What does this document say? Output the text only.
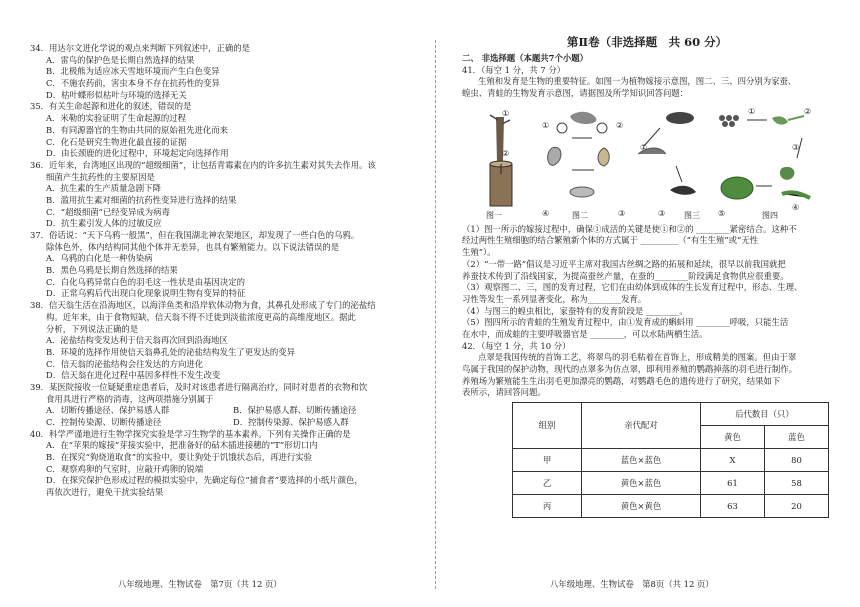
34．用达尔文进化学说的观点来判断下列叙述中，正确的是
A．雷鸟的保护色是长期自然选择的结果
B．北极熊为适应冰天雪地环境而产生白色变异
C．不施农药前，害虫本身不存在抗药性的变异
D．枯叶蝶形似枯叶与环境的选择无关
35．有关生命起源和进化的叙述，错误的是
A．米勒的实验证明了生命起源的过程
B．有同源器官的生物由共同的原始祖先进化而来
C．化石是研究生物进化最直接的证据
D．由长颈鹿的进化过程中，环境起定向选择作用
36．近年来，台湾地区出现的“超级细菌”，让包括青霉素在内的许多抗生素对其失去作用。该
细菌产生抗药性的主要原因是
A．抗生素的生产质量急剧下降
B．滥用抗生素对细菌的抗药性变异进行选择的结果
C．“超级细菌”已经变异成为病毒
D．抗生素引发人体的过敏反应
37．俗话说：“天下乌鸦一般黑”，但在我国湖北神农架地区，却发现了一些白色的乌鸦。
除体色外，体内结构同其他个体并无差异，也具有繁殖能力。以下说法错误的是
A．乌鸦的白化是一种伪染病
B．黑色乌鸦是长期自然选择的结果
C．白化乌鸦异常白色的羽毛这一性状是由基因决定的
D．正常乌鸦后代出现白化现象说明生物有变异的特征
38．信天翁生活在沿海地区，以海洋鱼类和沿岸软体动物为食，其鼻孔处形成了专门的泌盐结
构。近年来，由于食物短缺，信天翁不得不迁徙到淡盐浓度更高的高维度地区。据此
分析，下列说法正确的是
A．泌盐结构变发达利于信天翁再次回到沿海地区
B．环境的选择作用使信天翁鼻孔处的泌盐结构发生了更发达的变异
C．信天翁的泌盐结构会往发达的方向进化
D．信天翁在进化过程中基因多样性不发生改变
39．某医院接收一位疑疑重症患者后，及时对该患者进行隔离治疗，同时对患者的衣物和饮
食用具进行严格的消毒，这两项措施分别属于
A．切断传播途径、保护易感人群	B．保护易感人群、切断传播途径
C．控制传染源、切断传播途径	D．控制传染源、保护易感人群
40．科学严谨地进行生物学探究实验是学习生物学的基本素养。下列有关操作正确的是
A．在“苹果的嫁接”芽接实验中，把准备好的砧木插进接穗的“T”形切口内
B．在探究“狗烧道取食”的实验中，要让狗处于饥饿状态后，再进行实验
C．观察鸡卵的气室时，应敲开鸡卵的锐端
D．在探究保护色形成过程的模拟实验中，先确定每位“捕食者”要选择的小纸片颜色，
再依次进行，避免干扰实验结果
八年级地理、生物试卷　第7页（共 12 页）
第Ⅱ卷（非选择题　共 60 分）
二、 非选择题（本题共7个小题）
41．（每空 1 分，共 7 分）
生殖和发育是生物的重要特征。如图一为植物嫁接示意图，图二、三、四分别为家蚕、
蝗虫、青蛙的生物发育示意图，请据图及所学知识回答问题：
①
②
图一
①	②
④	③
图二
①
③ 图三
①	②
③
④
⑤	图四
（1）图一所示的嫁接过程中，确保①成活的关键是使①和②的 ________紧密结合。这种不
经过两性生殖细胞的结合繁殖新个体的方式属于 _________（“有生生殖”或“无性
生殖”）。
（2）“一带一路”倡议是习近平主席对我国古丝绸之路的拓展和延续，很早以前我国就把
养蚕技术传到了沿线国家，为提高蚕丝产量，在蚕的________阶段满足食物供应很重要。
（3）观察图二、三，图的发育过程，它们在由幼体到成体的生长发育过程中，形态、生理、
习性等发生一系列显著变化，称为________发育。
（4）与图三的蝗虫相比，家蚕特有的发育阶段是 ________。
（5）图四所示的青蛙的生殖发育过程中，由①发育成的蝌蚪用 ________呼吸，只能生活
在水中，而成蛙的主要呼吸器官是 ________，可以水陆两栖生活。
42．（每空 1 分，共 10 分）
点翠是我国传统的首饰工艺，将翠鸟的羽毛粘着在首饰上，形成精美的图案。但由于翠
鸟属于我国的保护动物，现代的点翠多为仿点翠，即利用养殖的鹦鹉掉落的羽毛进行制作。
养殖场为繁殖能生生出羽毛更加漂亮的鹦鹉，对鹦鹉毛色的遗传进行了研究，结果如下
表所示，请回答问题。
组别	亲代配对	后代数目（只）	
		黄色	蓝色
甲	蓝色×蓝色	X	80
乙	黄色×蓝色	61	58
丙	黄色×黄色	63	20
八年级地理、生物试卷　第8页（共 12 页）
